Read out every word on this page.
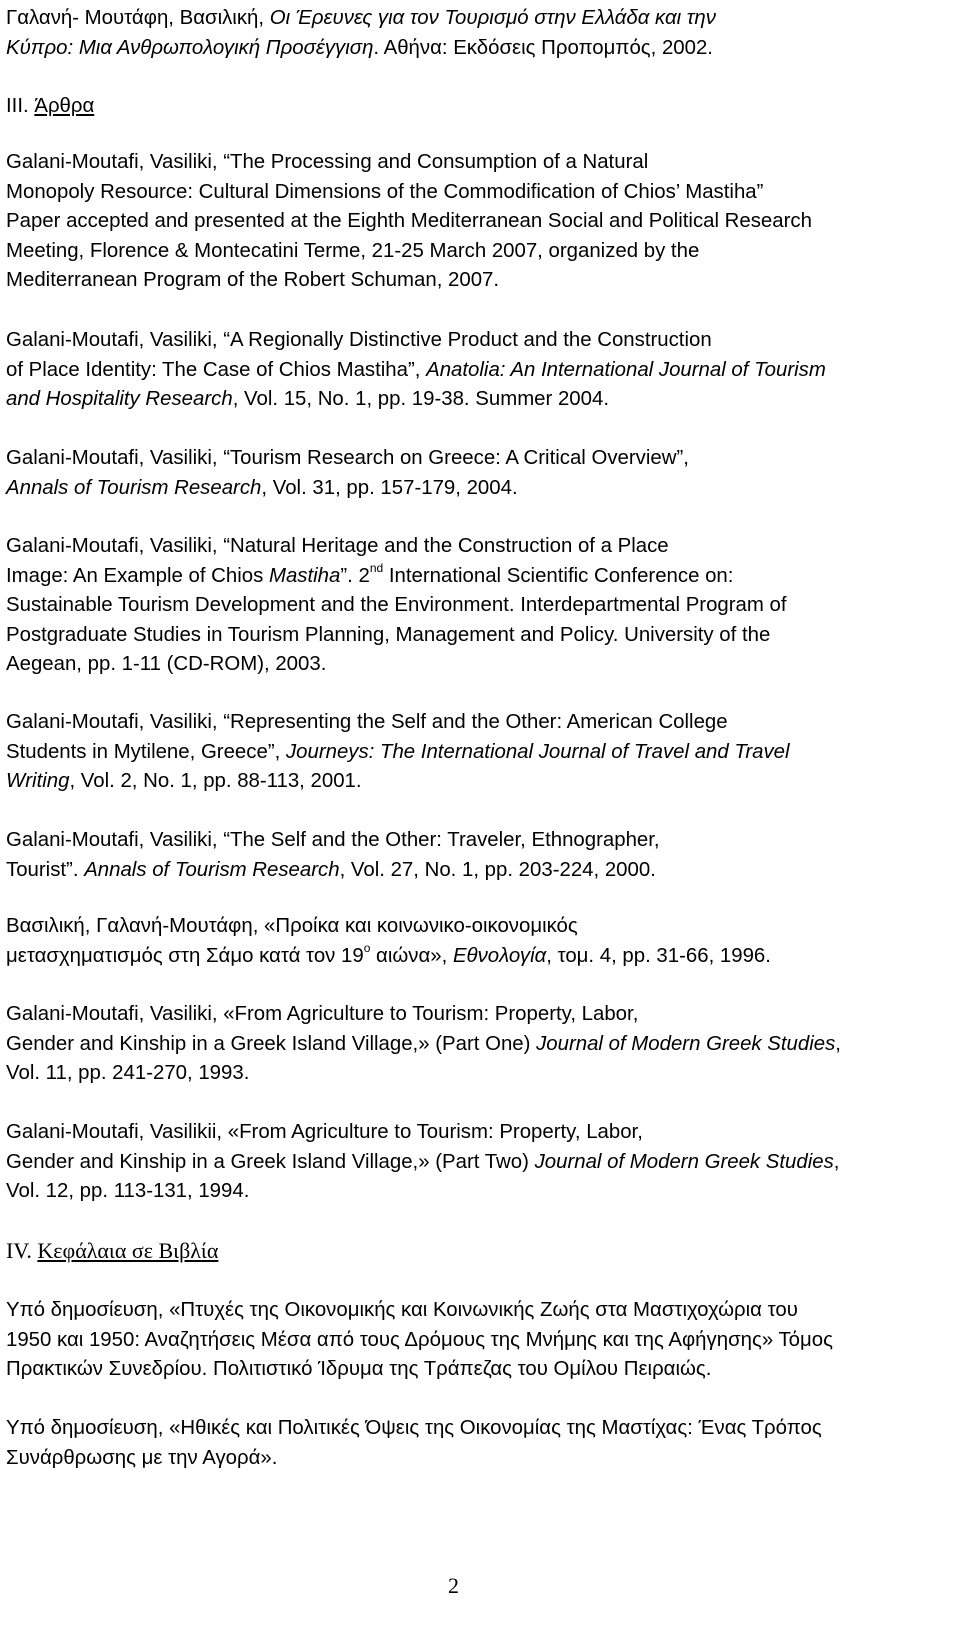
Γαλανή- Μουτάφη, Βασιλική, Οι Έρευνες για τον Τουρισμό στην Ελλάδα και την
Κύπρο: Μια Ανθρωπολογική Προσέγγιση. Αθήνα: Εκδόσεις Προπομπός, 2002.
III. Άρθρα
Galani-Moutafi, Vasiliki, “The Processing and Consumption of a Natural
Monopoly Resource: Cultural Dimensions of the Commodification of Chios’ Mastiha”
Paper accepted and presented at the Eighth Mediterranean Social and Political Research
Meeting, Florence & Montecatini Terme, 21-25 March 2007, organized by the
Mediterranean Program of the Robert Schuman, 2007.
Galani-Moutafi, Vasiliki, “A Regionally Distinctive Product and the Construction
of Place Identity: The Case of Chios Mastiha”, Anatolia: An International Journal of Tourism
and Hospitality Research, Vol. 15, No. 1, pp. 19-38. Summer 2004.
Galani-Moutafi, Vasiliki, “Tourism Research on Greece: A Critical Overview”,
Annals of Tourism Research, Vol. 31, pp. 157-179, 2004.
Galani-Moutafi, Vasiliki, “Natural Heritage and the Construction of a Place
Image: An Example of Chios Mastiha”. 2nd International Scientific Conference on:
Sustainable Tourism Development and the Environment. Interdepartmental Program of
Postgraduate Studies in Tourism Planning, Management and Policy. University of the
Aegean, pp. 1-11 (CD-ROM), 2003.
Galani-Moutafi, Vasiliki, “Representing the Self and the Other: American College
Students in Mytilene, Greece”, Journeys: The International Journal of Travel and Travel
Writing, Vol. 2, No. 1, pp. 88-113, 2001.
Galani-Moutafi, Vasiliki, “The Self and the Other: Traveler, Ethnographer,
Tourist”. Annals of Tourism Research, Vol. 27, No. 1, pp. 203-224, 2000.
Βασιλική, Γαλανή-Μουτάφη, «Προίκα και κοινωνικο-οικονομικός
μετασχηματισμός στη Σάμο κατά τον $19^o$ αιώνα», Εθνολογία, τομ. 4, pp. 31-66, 1996.
Galani-Moutafi, Vasiliki, «From Agriculture to Tourism: Property, Labor,
Gender and Kinship in a Greek Island Village,» (Part One) Journal of Modern Greek Studies,
Vol. 11, pp. 241-270, 1993.
Galani-Moutafi, Vasilikii, «From Agriculture to Tourism: Property, Labor,
Gender and Kinship in a Greek Island Village,» (Part Two) Journal of Modern Greek Studies,
Vol. 12, pp. 113-131, 1994.
IV. Κεφάλαια σε Βιβλία
Υπό δημοσίευση, «Πτυχές της Οικονομικής και Κοινωνικής Ζωής στα Μαστιχοχώρια του
1950 και 1950: Αναζητήσεις Μέσα από τους Δρόμους της Μνήμης και της Αφήγησης» Τόμος
Πρακτικών Συνεδρίου. Πολιτιστικό Ίδρυμα της Τράπεζας του Ομίλου Πειραιώς.
Υπό δημοσίευση, «Ηθικές και Πολιτικές Όψεις της Οικονομίας της Μαστίχας: Ένας Τρόπος
Συνάρθρωσης με την Αγορά».
2
